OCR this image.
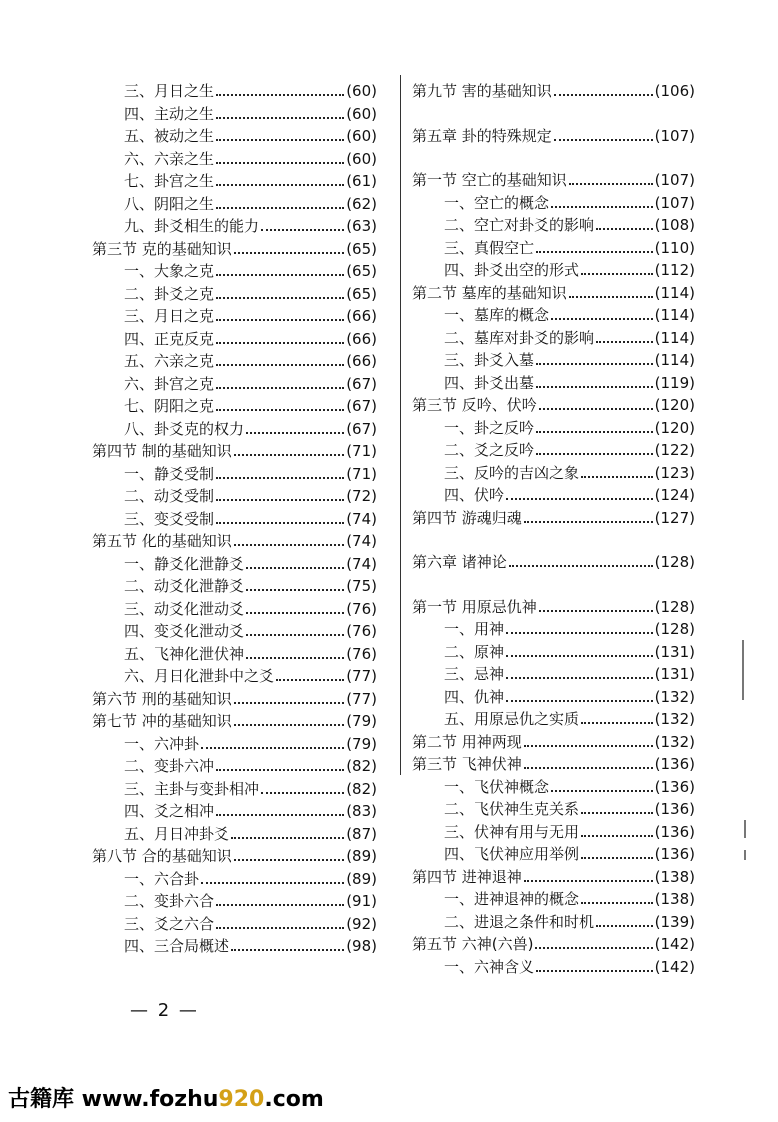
三、月日之生	(60)
四、主动之生	(60)
五、被动之生	(60)
六、六亲之生	(60)
七、卦宫之生	(61)
八、阴阳之生	(62)
九、卦爻相生的能力	(63)
第三节 克的基础知识	(65)
一、大象之克	(65)
二、卦爻之克	(65)
三、月日之克	(66)
四、正克反克	(66)
五、六亲之克	(66)
六、卦宫之克	(67)
七、阴阳之克	(67)
八、卦爻克的权力	(67)
第四节 制的基础知识	(71)
一、静爻受制	(71)
二、动爻受制	(72)
三、变爻受制	(74)
第五节 化的基础知识	(74)
一、静爻化泄静爻	(74)
二、动爻化泄静爻	(75)
三、动爻化泄动爻	(76)
四、变爻化泄动爻	(76)
五、飞神化泄伏神	(76)
六、月日化泄卦中之爻	(77)
第六节 刑的基础知识	(77)
第七节 冲的基础知识	(79)
一、六冲卦	(79)
二、变卦六冲	(82)
三、主卦与变卦相冲	(82)
四、爻之相冲	(83)
五、月日冲卦爻	(87)
第八节 合的基础知识	(89)
一、六合卦	(89)
二、变卦六合	(91)
三、爻之六合	(92)
四、三合局概述	(98)
第九节 害的基础知识	(106)
第五章 卦的特殊规定	(107)
第一节 空亡的基础知识	(107)
一、空亡的概念	(107)
二、空亡对卦爻的影响	(108)
三、真假空亡	(110)
四、卦爻出空的形式	(112)
第二节 墓库的基础知识	(114)
一、墓库的概念	(114)
二、墓库对卦爻的影响	(114)
三、卦爻入墓	(114)
四、卦爻出墓	(119)
第三节 反吟、伏吟	(120)
一、卦之反吟	(120)
二、爻之反吟	(122)
三、反吟的吉凶之象	(123)
四、伏吟	(124)
第四节 游魂归魂	(127)
第六章 诸神论	(128)
第一节 用原忌仇神	(128)
一、用神	(128)
二、原神	(131)
三、忌神	(131)
四、仇神	(132)
五、用原忌仇之实质	(132)
第二节 用神两现	(132)
第三节 飞神伏神	(136)
一、飞伏神概念	(136)
二、飞伏神生克关系	(136)
三、伏神有用与无用	(136)
四、飞伏神应用举例	(136)
第四节 进神退神	(138)
一、进神退神的概念	(138)
二、进退之条件和时机	(139)
第五节 六神(六兽)	(142)
一、六神含义	(142)
— 2 —
古籍库 www.fozhu920.com
